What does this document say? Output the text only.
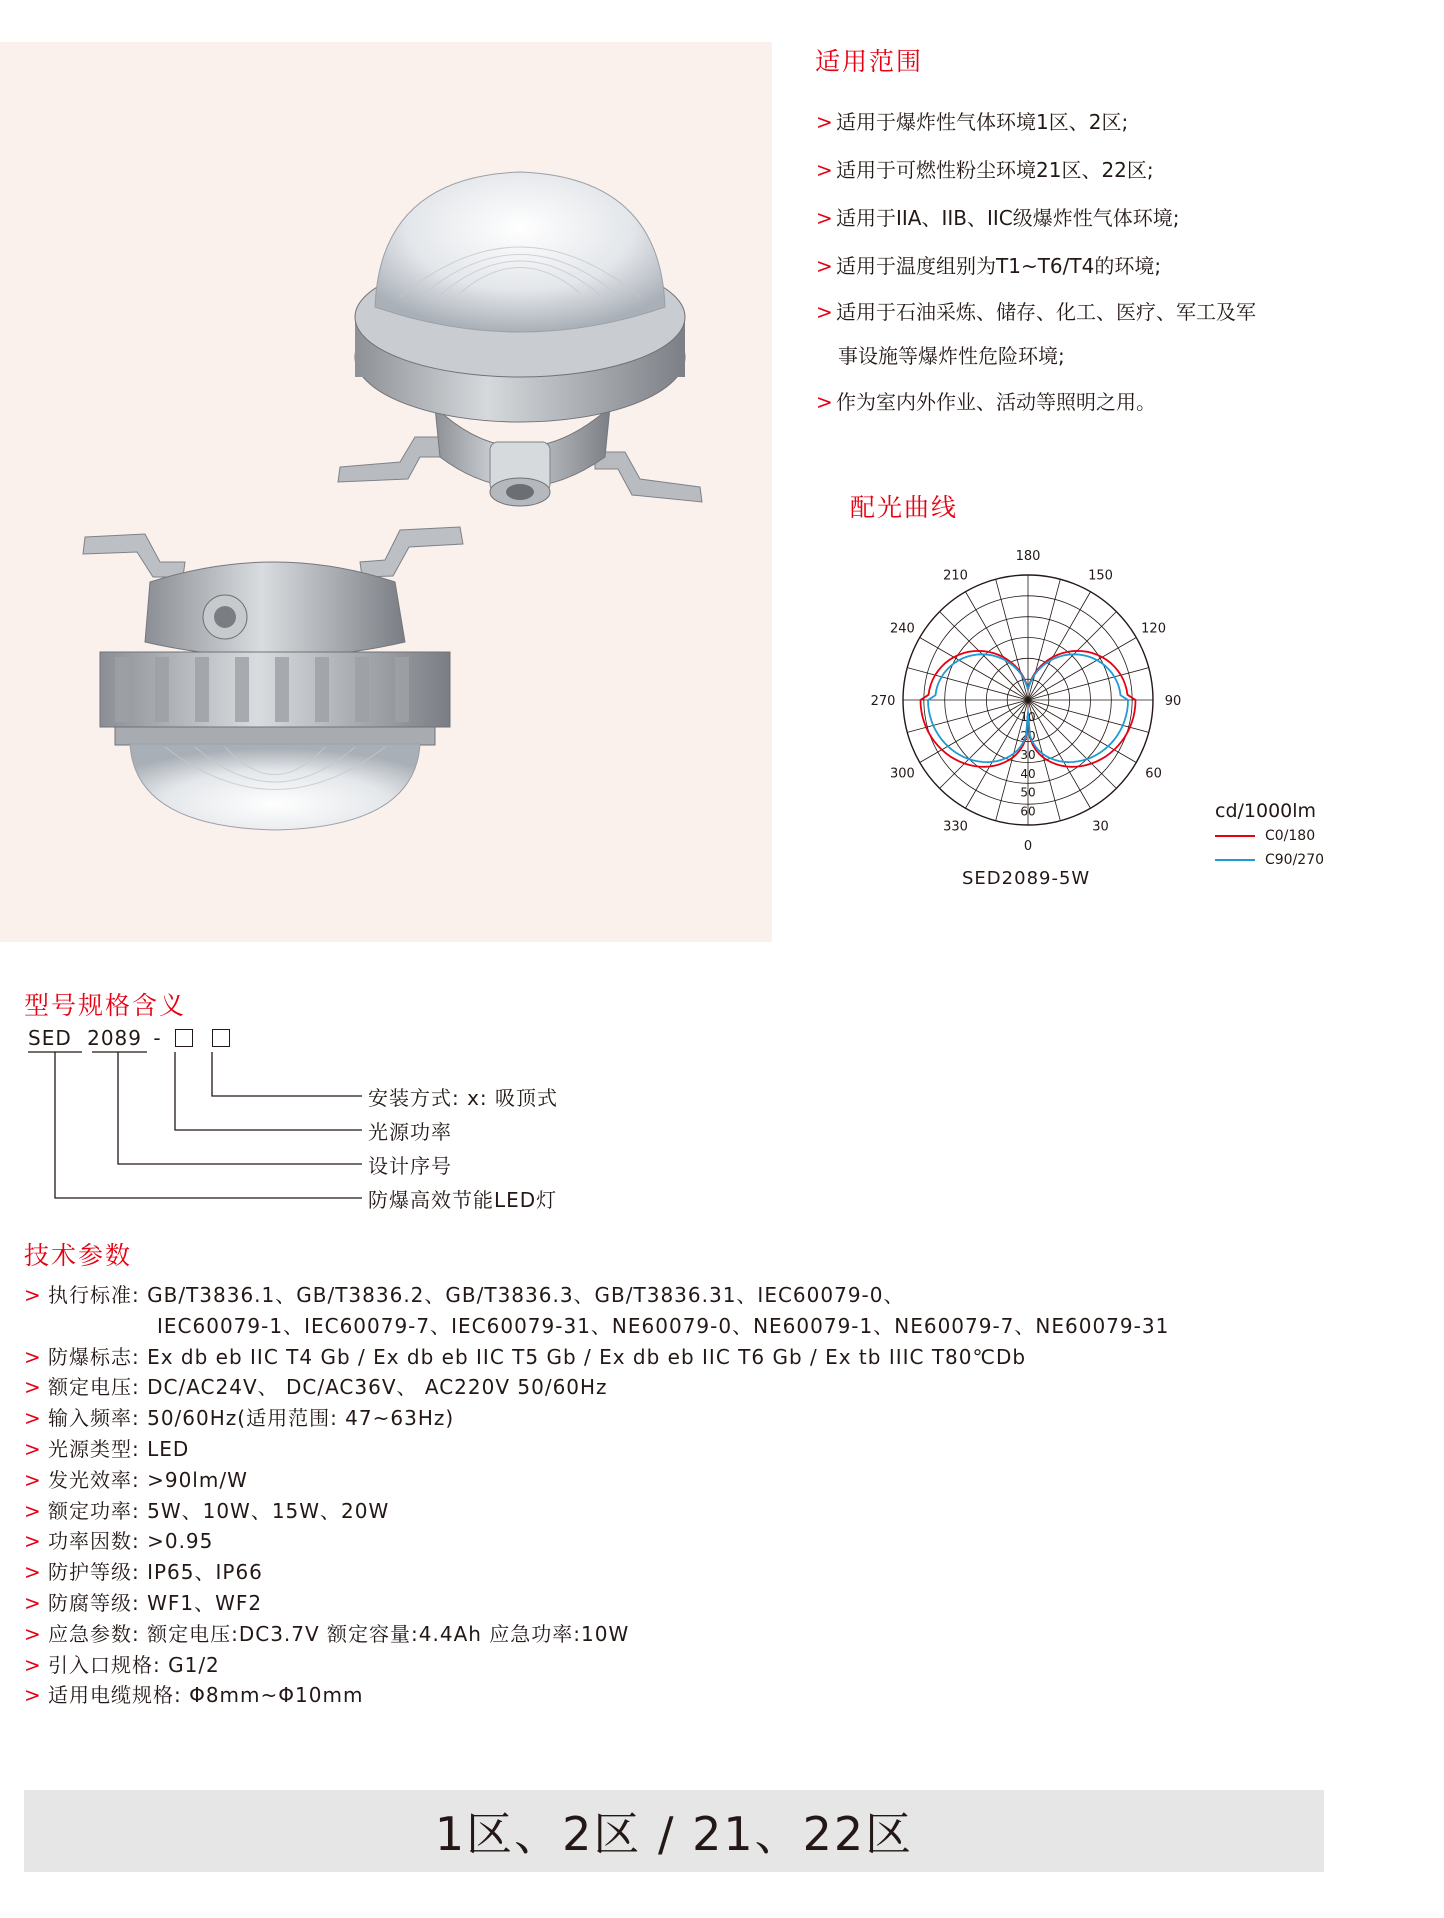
适用范围
> 适用于爆炸性气体环境1区、2区;
> 适用于可燃性粉尘环境21区、22区;
> 适用于IIA、IIB、IIC级爆炸性气体环境;
> 适用于温度组别为T1~T6/T4的环境;
> 适用于石油采炼、储存、化工、医疗、军工及军
事设施等爆炸性危险环境;
> 作为室内外作业、活动等照明之用。
配光曲线
180
150
120
90
60
30
0
330
300
270
240
210
10
20
30
40
50
60	cd/1000lm
C0/180
C90/270
SED2089-5W
型号规格含义
SED 2089 -
安装方式: x: 吸顶式
光源功率
设计序号
防爆高效节能LED灯
技术参数
> 执行标准: GB/T3836.1、GB/T3836.2、GB/T3836.3、GB/T3836.31、IEC60079-0、
IEC60079-1、IEC60079-7、IEC60079-31、NE60079-0、NE60079-1、NE60079-7、NE60079-31
> 防爆标志: Ex db eb IIC T4 Gb / Ex db eb IIC T5 Gb / Ex db eb IIC T6 Gb / Ex tb IIIC T80℃Db
> 额定电压: DC/AC24V、 DC/AC36V、 AC220V 50/60Hz
> 输入频率: 50/60Hz(适用范围: 47~63Hz)
> 光源类型: LED
> 发光效率: >90lm/W
> 额定功率: 5W、10W、15W、20W
> 功率因数: >0.95
> 防护等级: IP65、IP66
> 防腐等级: WF1、WF2
> 应急参数: 额定电压:DC3.7V 额定容量:4.4Ah 应急功率:10W
> 引入口规格: G1/2
> 适用电缆规格: Φ8mm~Φ10mm
1区、2区 / 21、22区
